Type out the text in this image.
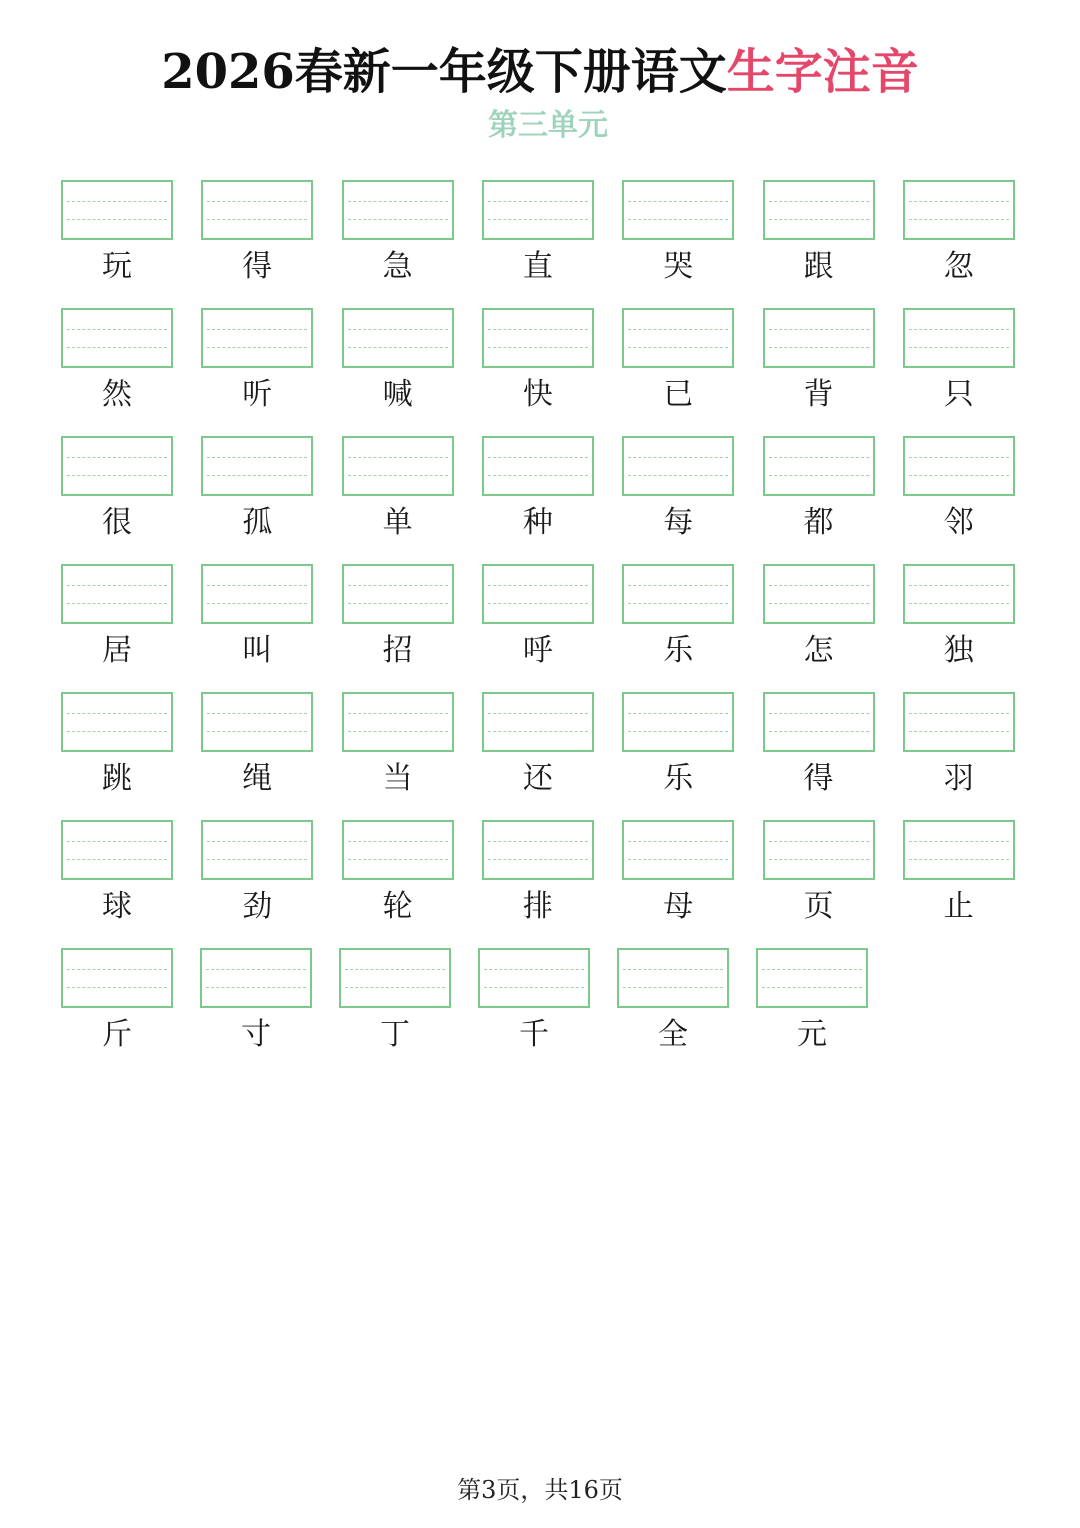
2026春新一年级下册语文生字注音
第三单元
玩	得	急	直	哭	跟	忽
然	听	喊	快	已	背	只
很	孤	单	种	每	都	邻
居	叫	招	呼	乐	怎	独
跳	绳	当	还	乐	得	羽
球	劲	轮	排	母	页	止
斤	寸	丁	千	全	元
第3页，共16页
